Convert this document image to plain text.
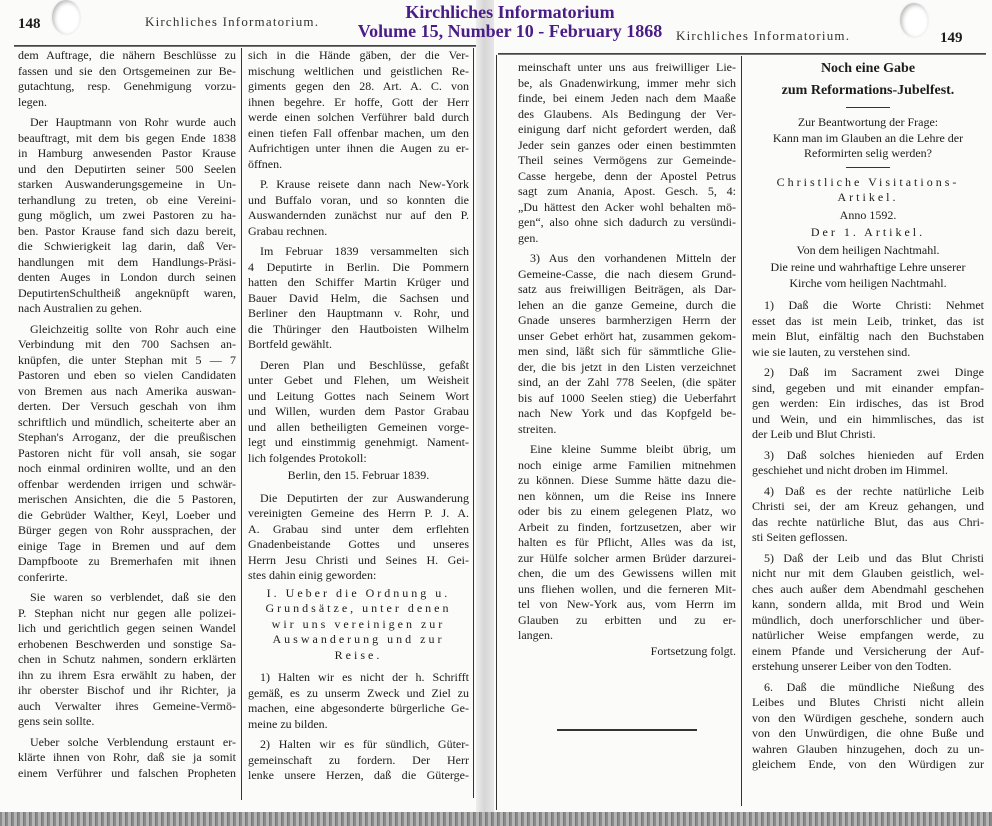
148	Kirchliches Informatorium.
Kirchliches Informatorium.	149
Kirchliches Informatorium
Volume 15, Number 10 - February 1868
dem Auftrage, die nähern Beschlüsse zu
fassen und sie den Ortsgemeinen zur Be-
gutachtung, resp. Genehmigung vorzu-
legen.
Der Hauptmann von Rohr wurde auch
beauftragt, mit dem bis gegen Ende 1838
in Hamburg anwesenden Pastor Krause
und den Deputirten seiner 500 Seelen
starken Auswanderungsgemeine in Un-
terhandlung zu treten, ob eine Vereini-
gung möglich, um zwei Pastoren zu ha-
ben. Pastor Krause fand sich dazu bereit,
die Schwierigkeit lag darin, daß Ver-
handlungen mit dem Handlungs-Präsi-
denten Auges in London durch seinen
DeputirtenSchultheiß angeknüpft waren,
nach Australien zu gehen.
Gleichzeitig sollte von Rohr auch eine
Verbindung mit den 700 Sachsen an-
knüpfen, die unter Stephan mit 5 — 7
Pastoren und eben so vielen Candidaten
von Bremen aus nach Amerika auswan-
derten. Der Versuch geschah von ihm
schriftlich und mündlich, scheiterte aber an
Stephan's Arroganz, der die preußischen
Pastoren nicht für voll ansah, sie sogar
noch einmal ordiniren wollte, und an den
offenbar werdenden irrigen und schwär-
merischen Ansichten, die die 5 Pastoren,
die Gebrüder Walther, Keyl, Loeber und
Bürger gegen von Rohr aussprachen, der
einige Tage in Bremen und auf dem
Dampfboote zu Bremerhafen mit ihnen
conferirte.
Sie waren so verblendet, daß sie den
P. Stephan nicht nur gegen alle polizei-
lich und gerichtlich gegen seinen Wandel
erhobenen Beschwerden und sonstige Sa-
chen in Schutz nahmen, sondern erklärten
ihn zu ihrem Esra erwählt zu haben, der
ihr oberster Bischof und ihr Richter, ja
auch Verwalter ihres Gemeine-Vermö-
gens sein sollte.
Ueber solche Verblendung erstaunt er-
klärte ihnen von Rohr, daß sie ja somit
einem Verführer und falschen Propheten
sich in die Hände gäben, der die Ver-
mischung weltlichen und geistlichen Re-
giments gegen den 28. Art. A. C. von
ihnen begehre. Er hoffe, Gott der Herr
werde einen solchen Verführer bald durch
einen tiefen Fall offenbar machen, um den
Aufrichtigen unter ihnen die Augen zu er-
öffnen.
P. Krause reisete dann nach New-York
und Buffalo voran, und so konnten die
Auswandernden zunächst nur auf den P.
Grabau rechnen.
Im Februar 1839 versammelten sich
4 Deputirte in Berlin. Die Pommern
hatten den Schiffer Martin Krüger und
Bauer David Helm, die Sachsen und
Berliner den Hauptmann v. Rohr, und
die Thüringer den Hautboisten Wilhelm
Bortfeld gewählt.
Deren Plan und Beschlüsse, gefaßt
unter Gebet und Flehen, um Weisheit
und Leitung Gottes nach Seinem Wort
und Willen, wurden dem Pastor Grabau
und allen betheiligten Gemeinen vorge-
legt und einstimmig genehmigt. Nament-
lich folgendes Protokoll:
Berlin, den 15. Februar 1839.
Die Deputirten der zur Auswanderung
vereinigten Gemeine des Herrn P. J. A.
A. Grabau sind unter dem erflehten
Gnadenbeistande Gottes und unseres
Herrn Jesu Christi und Seines H. Gei-
stes dahin einig geworden:
I. Ueber die Ordnung u.
Grundsätze, unter denen
wir uns vereinigen zur
Auswanderung und zur
Reise.
1) Halten wir es nicht der h. Schrifft
gemäß, es zu unserm Zweck und Ziel zu
machen, eine abgesonderte bürgerliche Ge-
meine zu bilden.
2) Halten wir es für sündlich, Güter-
gemeinschaft zu fordern. Der Herr
lenke unsere Herzen, daß die Güterge-
meinschaft unter uns aus freiwilliger Lie-
be, als Gnadenwirkung, immer mehr sich
finde, bei einem Jeden nach dem Maaße
des Glaubens. Als Bedingung der Ver-
einigung darf nicht gefordert werden, daß
Jeder sein ganzes oder einen bestimmten
Theil seines Vermögens zur Gemeinde-
Casse hergebe, denn der Apostel Petrus
sagt zum Anania, Apost. Gesch. 5, 4:
„Du hättest den Acker wohl behalten mö-
gen“, also ohne sich dadurch zu versündi-
gen.
3) Aus den vorhandenen Mitteln der
Gemeine-Casse, die nach diesem Grund-
satz aus freiwilligen Beiträgen, als Dar-
lehen an die ganze Gemeine, durch die
Gnade unseres barmherzigen Herrn der
unser Gebet erhört hat, zusammen gekom-
men sind, läßt sich für sämmtliche Glie-
der, die bis jetzt in den Listen verzeichnet
sind, an der Zahl 778 Seelen, (die später
bis auf 1000 Seelen stieg) die Ueberfahrt
nach New York und das Kopfgeld be-
streiten.
Eine kleine Summe bleibt übrig, um
noch einige arme Familien mitnehmen
zu können. Diese Summe hätte dazu die-
nen können, um die Reise ins Innere
oder bis zu einem gelegenen Platz, wo
Arbeit zu finden, fortzusetzen, aber wir
halten es für Pflicht, Alles was da ist,
zur Hülfe solcher armen Brüder darzurei-
chen, die um des Gewissens willen mit
uns fliehen wollen, und die ferneren Mit-
tel von New-York aus, vom Herrn im
Glauben zu erbitten und zu er-
langen.
Fortsetzung folgt.
Noch eine Gabe
zum Reformations-Jubelfest.
Zur Beantwortung der Frage:
Kann man im Glauben an die Lehre der
Reformirten selig werden?
Christliche Visitations-
Artikel.
Anno 1592.
Der 1. Artikel.
Von dem heiligen Nachtmahl.
Die reine und wahrhaftige Lehre unserer
Kirche vom heiligen Nachtmahl.
1) Daß die Worte Christi: Nehmet
esset das ist mein Leib, trinket, das ist
mein Blut, einfältig nach den Buchstaben
wie sie lauten, zu verstehen sind.
2) Daß im Sacrament zwei Dinge
sind, gegeben und mit einander empfan-
gen werden: Ein irdisches, das ist Brod
und Wein, und ein himmlisches, das ist
der Leib und Blut Christi.
3) Daß solches hienieden auf Erden
geschiehet und nicht droben im Himmel.
4) Daß es der rechte natürliche Leib
Christi sei, der am Kreuz gehangen, und
das rechte natürliche Blut, das aus Chri-
sti Seiten geflossen.
5) Daß der Leib und das Blut Christi
nicht nur mit dem Glauben geistlich, wel-
ches auch außer dem Abendmahl geschehen
kann, sondern allda, mit Brod und Wein
mündlich, doch unerforschlicher und über-
natürlicher Weise empfangen werde, zu
einem Pfande und Versicherung der Auf-
erstehung unserer Leiber von den Todten.
6. Daß die mündliche Nießung des
Leibes und Blutes Christi nicht allein
von den Würdigen geschehe, sondern auch
von den Unwürdigen, die ohne Buße und
wahren Glauben hinzugehen, doch zu un-
gleichem Ende, von den Würdigen zur
